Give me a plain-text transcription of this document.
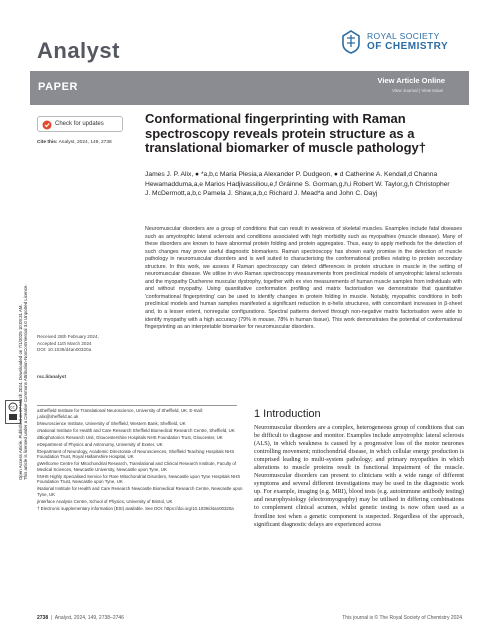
Open Access Article. Published on 27 March 2024. Downloaded on 7/1/2025 10:09:31 AM. This article is licensed under a Creative Commons Attribution-NonCommercial 3.0 Unported Licence.
cc
Analyst
ROYAL SOCIETY
OF CHEMISTRY
PAPER
View Article Online
View Journal | View Issue
Check for updates
Cite this: Analyst, 2024, 149, 2738
Conformational fingerprinting with Raman spectroscopy reveals protein structure as a translational biomarker of muscle pathology†
James J. P. Alix, ● *a,b,c Maria Plesia,a Alexander P. Dudgeon, ● d Catherine A. Kendall,d Channa Hewamadduma,a,e Marios Hadjivassiliou,e,f Gráinne S. Gorman,g,h,i Robert W. Taylor,g,h Christopher J. McDermott,a,b,c Pamela J. Shaw,a,b,c Richard J. Mead*a and John C. Dayj
Neuromuscular disorders are a group of conditions that can result in weakness of skeletal muscles. Examples include fatal diseases such as amyotrophic lateral sclerosis and conditions associated with high morbidity such as myopathies (muscle disease). Many of these disorders are known to have abnormal protein folding and protein aggregates. Thus, easy to apply methods for the detection of such changes may prove useful diagnostic biomarkers. Raman spectroscopy has shown early promise in the detection of muscle pathology in neuromuscular disorders and is well suited to characterising the conformational profiles relating to protein secondary structure. In this work, we assess if Raman spectroscopy can detect differences in protein structure in muscle in the setting of neuromuscular disease. We utilise in vivo Raman spectroscopy measurements from preclinical models of amyotrophic lateral sclerosis and the myopathy Duchenne muscular dystrophy, together with ex vivo measurements of human muscle samples from individuals with and without myopathy. Using quantitative conformation profiling and matrix factorisation we demonstrate that quantitative 'conformational fingerprinting' can be used to identify changes in protein folding in muscle. Notably, myopathic conditions in both preclinical models and human samples manifested a significant reduction in α-helix structures, with concomitant increases in β-sheet and, to a lesser extent, nonregular configurations. Spectral patterns derived through non-negative matrix factorisation were able to identify myopathy with a high accuracy (79% in mouse, 78% in human tissue). This work demonstrates the potential of conformational fingerprinting as an interpretable biomarker for neuromuscular disorders.
Received 28th February 2024,
Accepted 11th March 2024
DOI: 10.1039/d4an00320a
rsc.li/analyst
1 Introduction
Neuromuscular disorders are a complex, heterogeneous group of conditions that can be difficult to diagnose and monitor. Examples include amyotrophic lateral sclerosis (ALS), in which weakness is caused by a progressive loss of the motor neurones controlling movement; mitochondrial disease, in which cellular energy production is comprised leading to multi-system pathology; and primary myopathies in which alterations to muscle proteins result in functional impairment of the muscle. Neuromuscular disorders can present to clinicians with a wide range of different symptoms and several different investigations may be used in the diagnostic work up. For example, imaging (e.g. MRI), blood tests (e.g. autoimmune antibody testing) and neurophysiology (electromyography) may be utilised in differing combinations to complement clinical acumen, whilst genetic testing is now often used as a frontline test when a genetic component is suspected. Regardless of the approach, significant diagnostic delays are experienced across

aSheffield Institute for Translational Neuroscience, University of Sheffield, UK. E-mail: j.alix@sheffield.ac.uk

bNeuroscience Institute, University of Sheffield, Western Bank, Sheffield, UK

cNational Institute for Health and Care Research Sheffield Biomedical Research Centre, Sheffield, UK

dBiophotonics Research Unit, Gloucestershire Hospitals NHS Foundation Trust, Gloucester, UK

eDepartment of Physics and Astronomy, University of Exeter, UK

fDepartment of Neurology, Academic Directorate of Neurosciences, Sheffield Teaching Hospitals NHS Foundation Trust, Royal Hallamshire Hospital, UK

gWellcome Centre for Mitochondrial Research, Translational and Clinical Research Institute, Faculty of Medical Sciences, Newcastle University, Newcastle upon Tyne, UK

hNHS Highly Specialised Service for Rare Mitochondrial Disorders, Newcastle upon Tyne Hospitals NHS Foundation Trust, Newcastle upon Tyne, UK

iNational Institute for Health and Care Research Newcastle Biomedical Research Centre, Newcastle upon Tyne, UK

jInterface Analysis Centre, School of Physics, University of Bristol, UK

† Electronic supplementary information (ESI) available. See DOI: https://doi.org/10.1039/d4an00320a

2738  |  Analyst, 2024, 149, 2738–2746	This journal is © The Royal Society of Chemistry 2024
